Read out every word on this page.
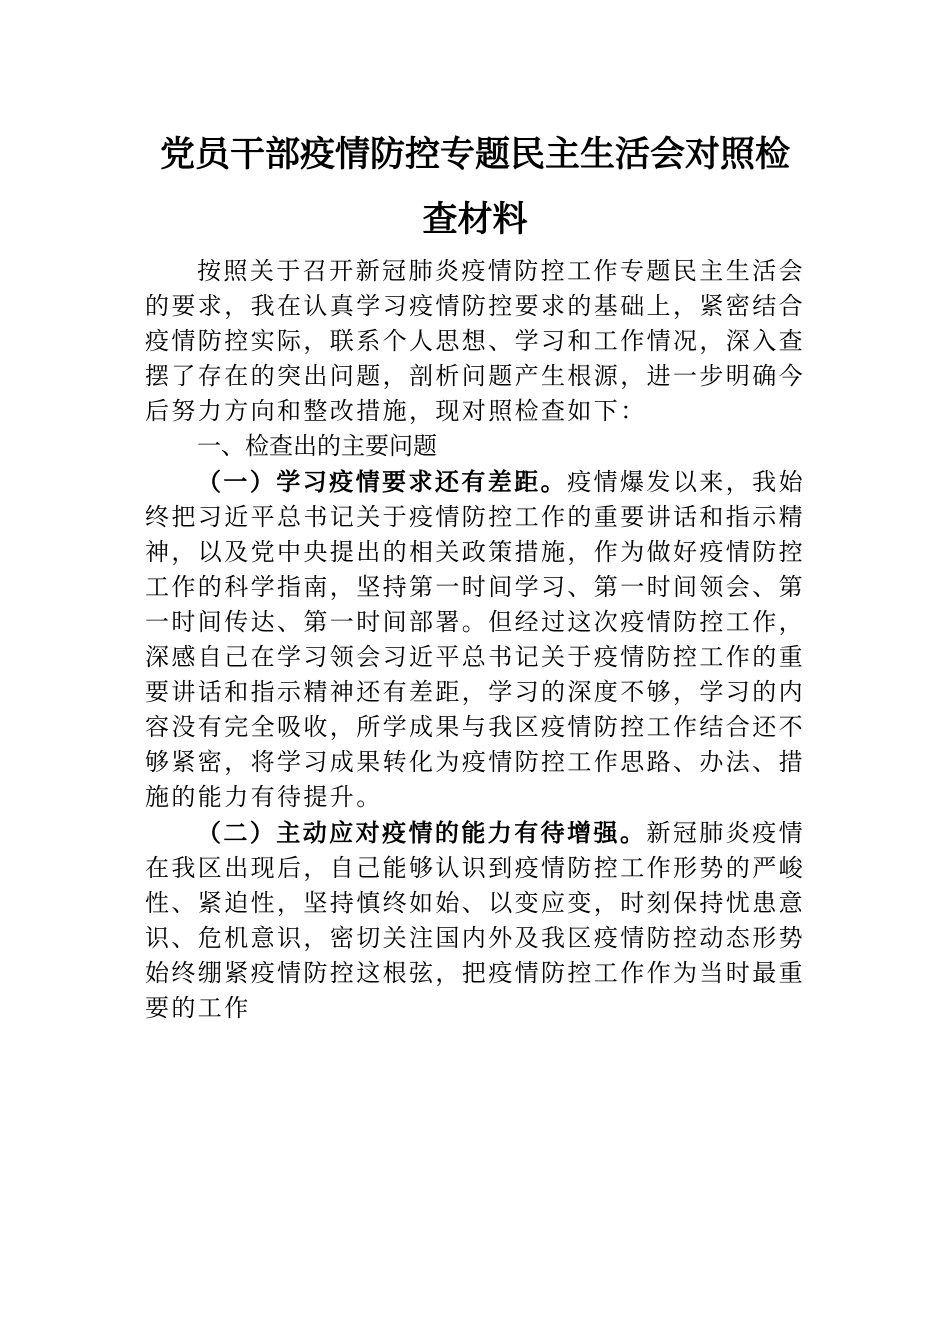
党员干部疫情防控专题民主生活会对照检查材料

按照关于召开新冠肺炎疫情防控工作专题民主生活会的要求，我在认真学习疫情防控要求的基础上，紧密结合疫情防控实际，联系个人思想、学习和工作情况，深入查摆了存在的突出问题，剖析问题产生根源，进一步明确今后努力方向和整改措施，现对照检查如下：

一、检查出的主要问题

（一）学习疫情要求还有差距。疫情爆发以来，我始终把习近平总书记关于疫情防控工作的重要讲话和指示精神，以及党中央提出的相关政策措施，作为做好疫情防控工作的科学指南，坚持第一时间学习、第一时间领会、第一时间传达、第一时间部署。但经过这次疫情防控工作，深感自己在学习领会习近平总书记关于疫情防控工作的重要讲话和指示精神还有差距，学习的深度不够，学习的内容没有完全吸收，所学成果与我区疫情防控工作结合还不够紧密，将学习成果转化为疫情防控工作思路、办法、措施的能力有待提升。

（二）主动应对疫情的能力有待增强。新冠肺炎疫情在我区出现后，自己能够认识到疫情防控工作形势的严峻性、紧迫性，坚持慎终如始、以变应变，时刻保持忧患意识、危机意识，密切关注国内外及我区疫情防控动态形势始终绷紧疫情防控这根弦，把疫情防控工作作为当时最重要的工作
